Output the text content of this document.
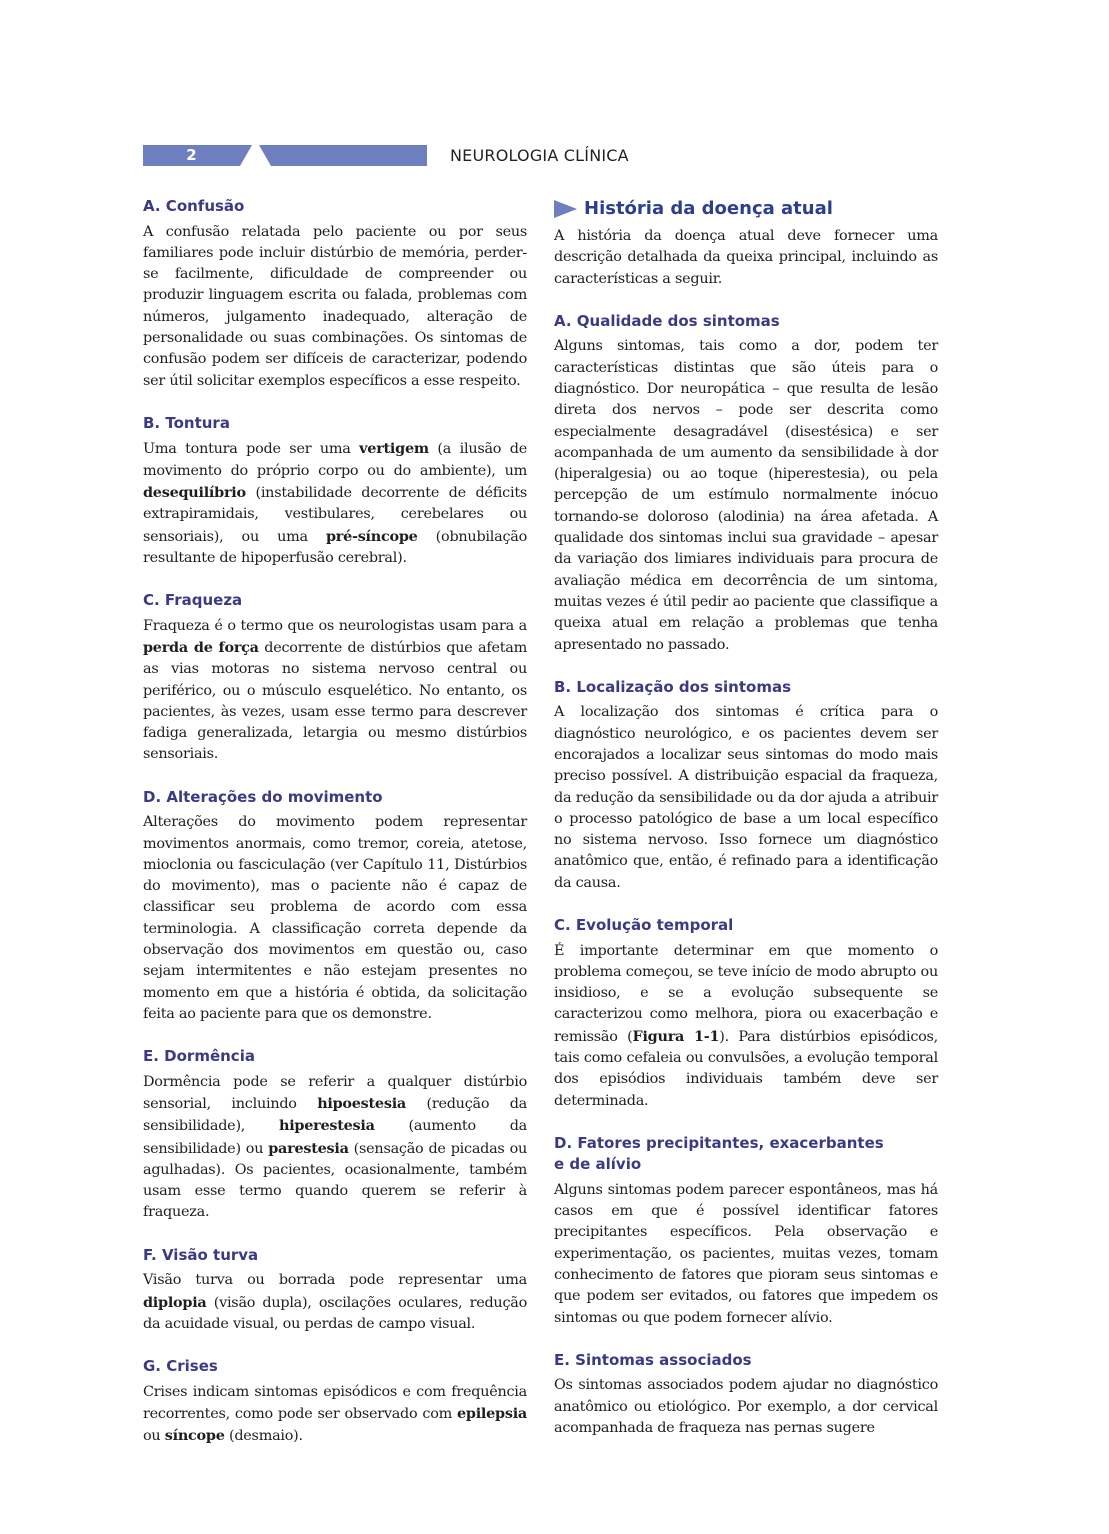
2	NEUROLOGIA CLÍNICA
A. Confusão

A confusão relatada pelo paciente ou por seus familiares pode incluir distúrbio de memória, perder-se facilmente, dificuldade de compreender ou produzir linguagem escrita ou falada, problemas com números, julgamento inadequado, alteração de personalidade ou suas combinações. Os sintomas de confusão podem ser difíceis de caracterizar, podendo ser útil solicitar exemplos específicos a esse respeito.

B. Tontura

Uma tontura pode ser uma vertigem (a ilusão de movimento do próprio corpo ou do ambiente), um desequilíbrio (instabilidade decorrente de déficits extrapiramidais, vestibulares, cerebelares ou sensoriais), ou uma pré-síncope (obnubilação resultante de hipoperfusão cerebral).

C. Fraqueza

Fraqueza é o termo que os neurologistas usam para a perda de força decorrente de distúrbios que afetam as vias motoras no sistema nervoso central ou periférico, ou o músculo esquelético. No entanto, os pacientes, às vezes, usam esse termo para descrever fadiga generalizada, letargia ou mesmo distúrbios sensoriais.

D. Alterações do movimento

Alterações do movimento podem representar movimentos anormais, como tremor, coreia, atetose, mioclonia ou fasciculação (ver Capítulo 11, Distúrbios do movimento), mas o paciente não é capaz de classificar seu problema de acordo com essa terminologia. A classificação correta depende da observação dos movimentos em questão ou, caso sejam intermitentes e não estejam presentes no momento em que a história é obtida, da solicitação feita ao paciente para que os demonstre.

E. Dormência

Dormência pode se referir a qualquer distúrbio sensorial, incluindo hipoestesia (redução da sensibilidade), hiperestesia (aumento da sensibilidade) ou parestesia (sensação de picadas ou agulhadas). Os pacientes, ocasionalmente, também usam esse termo quando querem se referir à fraqueza.

F. Visão turva

Visão turva ou borrada pode representar uma diplopia (visão dupla), oscilações oculares, redução da acuidade visual, ou perdas de campo visual.

G. Crises

Crises indicam sintomas episódicos e com frequência recorrentes, como pode ser observado com epilepsia ou síncope (desmaio).

História da doença atual

A história da doença atual deve fornecer uma descrição detalhada da queixa principal, incluindo as características a seguir.

A. Qualidade dos sintomas

Alguns sintomas, tais como a dor, podem ter características distintas que são úteis para o diagnóstico. Dor neuropática – que resulta de lesão direta dos nervos – pode ser descrita como especialmente desagradável (disestésica) e ser acompanhada de um aumento da sensibilidade à dor (hiperalgesia) ou ao toque (hiperestesia), ou pela percepção de um estímulo normalmente inócuo tornando-se doloroso (alodinia) na área afetada. A qualidade dos sintomas inclui sua gravidade – apesar da variação dos limiares individuais para procura de avaliação médica em decorrência de um sintoma, muitas vezes é útil pedir ao paciente que classifique a queixa atual em relação a problemas que tenha apresentado no passado.

B. Localização dos sintomas

A localização dos sintomas é crítica para o diagnóstico neurológico, e os pacientes devem ser encorajados a localizar seus sintomas do modo mais preciso possível. A distribuição espacial da fraqueza, da redução da sensibilidade ou da dor ajuda a atribuir o processo patológico de base a um local específico no sistema nervoso. Isso fornece um diagnóstico anatômico que, então, é refinado para a identificação da causa.

C. Evolução temporal

É importante determinar em que momento o problema começou, se teve início de modo abrupto ou insidioso, e se a evolução subsequente se caracterizou como melhora, piora ou exacerbação e remissão (Figura 1-1). Para distúrbios episódicos, tais como cefaleia ou convulsões, a evolução temporal dos episódios individuais também deve ser determinada.

D. Fatores precipitantes, exacerbantes
e de alívio

Alguns sintomas podem parecer espontâneos, mas há casos em que é possível identificar fatores precipitantes específicos. Pela observação e experimentação, os pacientes, muitas vezes, tomam conhecimento de fatores que pioram seus sintomas e que podem ser evitados, ou fatores que impedem os sintomas ou que podem fornecer alívio.

E. Sintomas associados

Os sintomas associados podem ajudar no diagnóstico anatômico ou etiológico. Por exemplo, a dor cervical acompanhada de fraqueza nas pernas sugere
